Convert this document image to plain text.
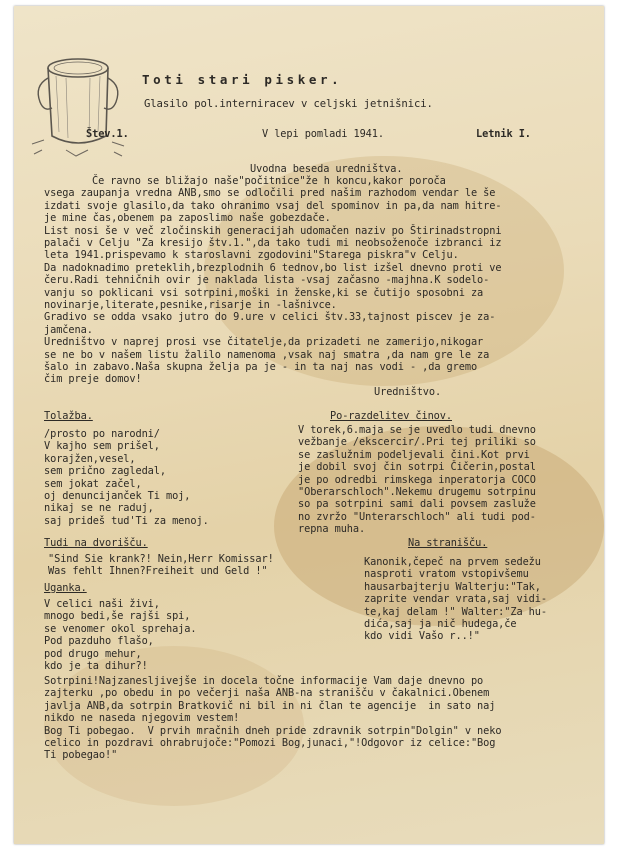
Toti stari pisker.
Glasilo pol.interniracev v celjski jetnišnici.
Štev.1.	V lepi pomladi 1941.	Letnik I.
Uvodna beseda uredništva.

Če ravno se bližajo naše"počitnice"že h koncu,kakor poroča

vsega zaupanja vredna ANB,smo se odločili pred našim razhodom vendar le še

izdati svoje glasilo,da tako ohranimo vsaj del spominov in pa,da nam hitre-

je mine čas,obenem pa zaposlimo naše gobezdače.

List nosi še v več zločinskih generacijah udomačen naziv po Štirinadstropni

palači v Celju "Za kresijo štv.1.",da tako tudi mi neobsoženoče izbranci iz

leta 1941.prispevamo k staroslavni zgodovini"Starega piskra"v Celju.

Da nadoknadimo preteklih,brezplodnih 6 tednov,bo list izšel dnevno proti ve

čeru.Radi tehničnih ovir je naklada lista -vsaj začasno -majhna.K sodelo-

vanju so poklicani vsi sotrpini,moški in ženske,ki se čutijo sposobni za

novinarje,literate,pesnike,risarje in -lašnivce.

Gradivo se odda vsako jutro do 9.ure v celici štv.33,tajnost piscev je za-

jamčena.

Uredništvo v naprej prosi vse čitatelje,da prizadeti ne zamerijo,nikogar

se ne bo v našem listu žalilo namenoma ,vsak naj smatra ,da nam gre le za

šalo in zabavo.Naša skupna želja pa je - in ta naj nas vodi - ,da gremo

čim preje domov!

Uredništvo.
Tolažba.

/prosto po narodni/

V kajho sem prišel,

korajžen,vesel,

sem prično zagledal,

sem jokat začel,

oj denuncijanček Ti moj,

nikaj se ne raduj,

saj prideš tud'Ti za menoj.

Po-razdelitev činov.

V torek,6.maja se je uvedlo tudi dnevno

vežbanje /ekscercir/.Pri tej priliki so

se zaslužnim podeljevali čini.Kot prvi

je dobil svoj čin sotrpi Čičerin,postal

je po odredbi rimskega inperatorja COCO

"Oberarschloch".Nekemu drugemu sotrpinu

so pa sotrpini sami dali povsem zasluže

no zvržo "Unterarschloch" ali tudi pod-

repna muha.

Tudi na dvorišču.

"Sind Sie krank?! Nein,Herr Komissar!

Was fehlt Ihnen?Freiheit und Geld !"

Uganka.

V celici naši živi,

mnogo bedi,še rajši spi,

se venomer okol sprehaja.

Pod pazduho flašo,

pod drugo mehur,

kdo je ta dihur?!

Na stranišču.

Kanonik,čepeč na prvem sedežu

nasproti vratom vstopivšemu

hausarbajterju Walterju:"Tak,

zaprite vendar vrata,saj vidi-

te,kaj delam !" Walter:"Za hu-

dića,saj ja nič hudega,če

kdo vidi Vašo r..!"

Sotrpini!Najzanesljivejše in docela točne informacije Vam daje dnevno po

zajterku ,po obedu in po večerji naša ANB-na stranišču v čakalnici.Obenem

javlja ANB,da sotrpin Bratkovič ni bil in ni član te agencije  in sato naj

nikdo ne naseda njegovim vestem!

Bog Ti pobegao.  V prvih mračnih dneh pride zdravnik sotrpin"Dolgin" v neko

celico in pozdravi ohrabrujoče:"Pomozi Bog,junaci,"!Odgovor iz celice:"Bog

Ti pobegao!"
